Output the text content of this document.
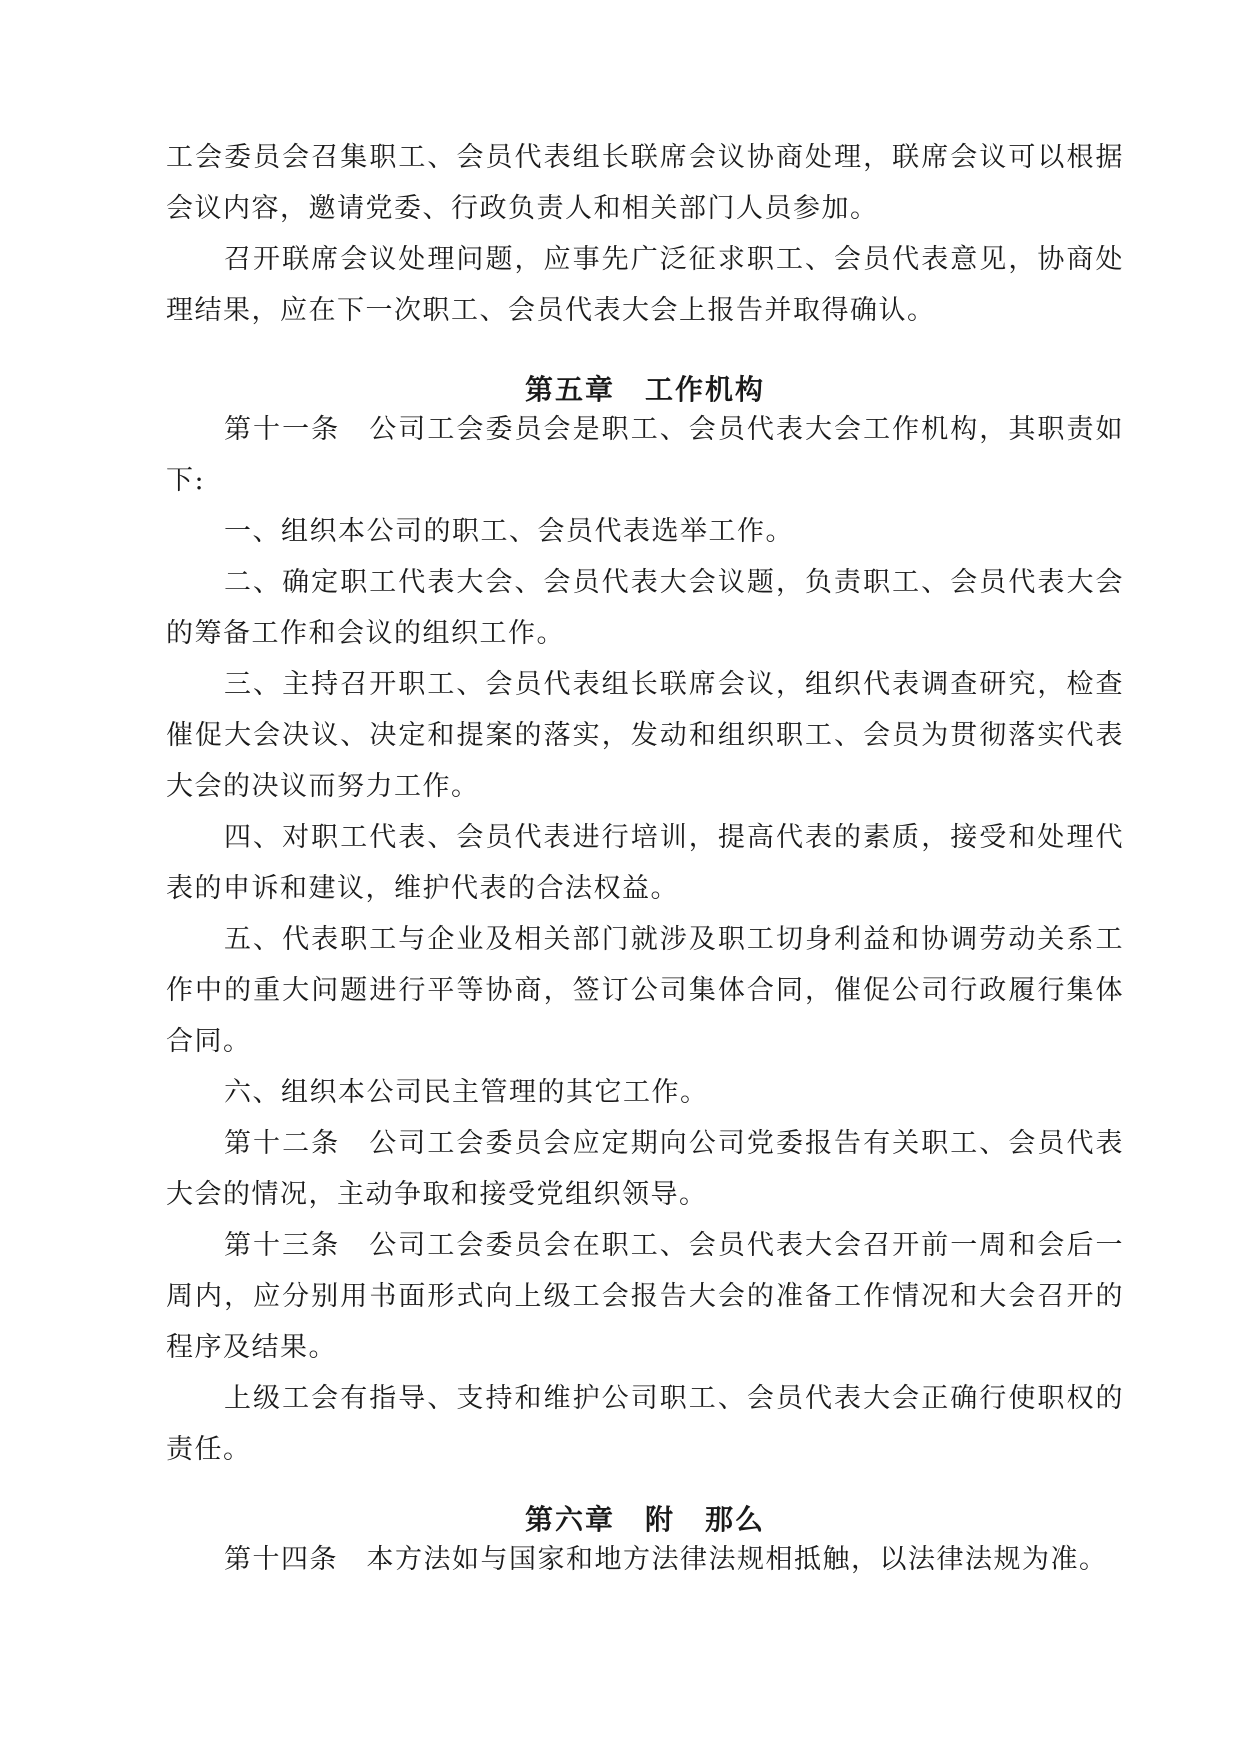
工会委员会召集职工、会员代表组长联席会议协商处理，联席会议可以根据会议内容，邀请党委、行政负责人和相关部门人员参加。

召开联席会议处理问题，应事先广泛征求职工、会员代表意见，协商处理结果，应在下一次职工、会员代表大会上报告并取得确认。

第五章　工作机构

第十一条　公司工会委员会是职工、会员代表大会工作机构，其职责如下:

一、组织本公司的职工、会员代表选举工作。

二、确定职工代表大会、会员代表大会议题，负责职工、会员代表大会的筹备工作和会议的组织工作。

三、主持召开职工、会员代表组长联席会议，组织代表调查研究，检查催促大会决议、决定和提案的落实，发动和组织职工、会员为贯彻落实代表大会的决议而努力工作。

四、对职工代表、会员代表进行培训，提高代表的素质，接受和处理代表的申诉和建议，维护代表的合法权益。

五、代表职工与企业及相关部门就涉及职工切身利益和协调劳动关系工作中的重大问题进行平等协商，签订公司集体合同，催促公司行政履行集体合同。

六、组织本公司民主管理的其它工作。

第十二条　公司工会委员会应定期向公司党委报告有关职工、会员代表大会的情况，主动争取和接受党组织领导。

第十三条　公司工会委员会在职工、会员代表大会召开前一周和会后一周内，应分别用书面形式向上级工会报告大会的准备工作情况和大会召开的程序及结果。

上级工会有指导、支持和维护公司职工、会员代表大会正确行使职权的责任。

第六章　附　那么

第十四条　本方法如与国家和地方法律法规相抵触，以法律法规为准。
